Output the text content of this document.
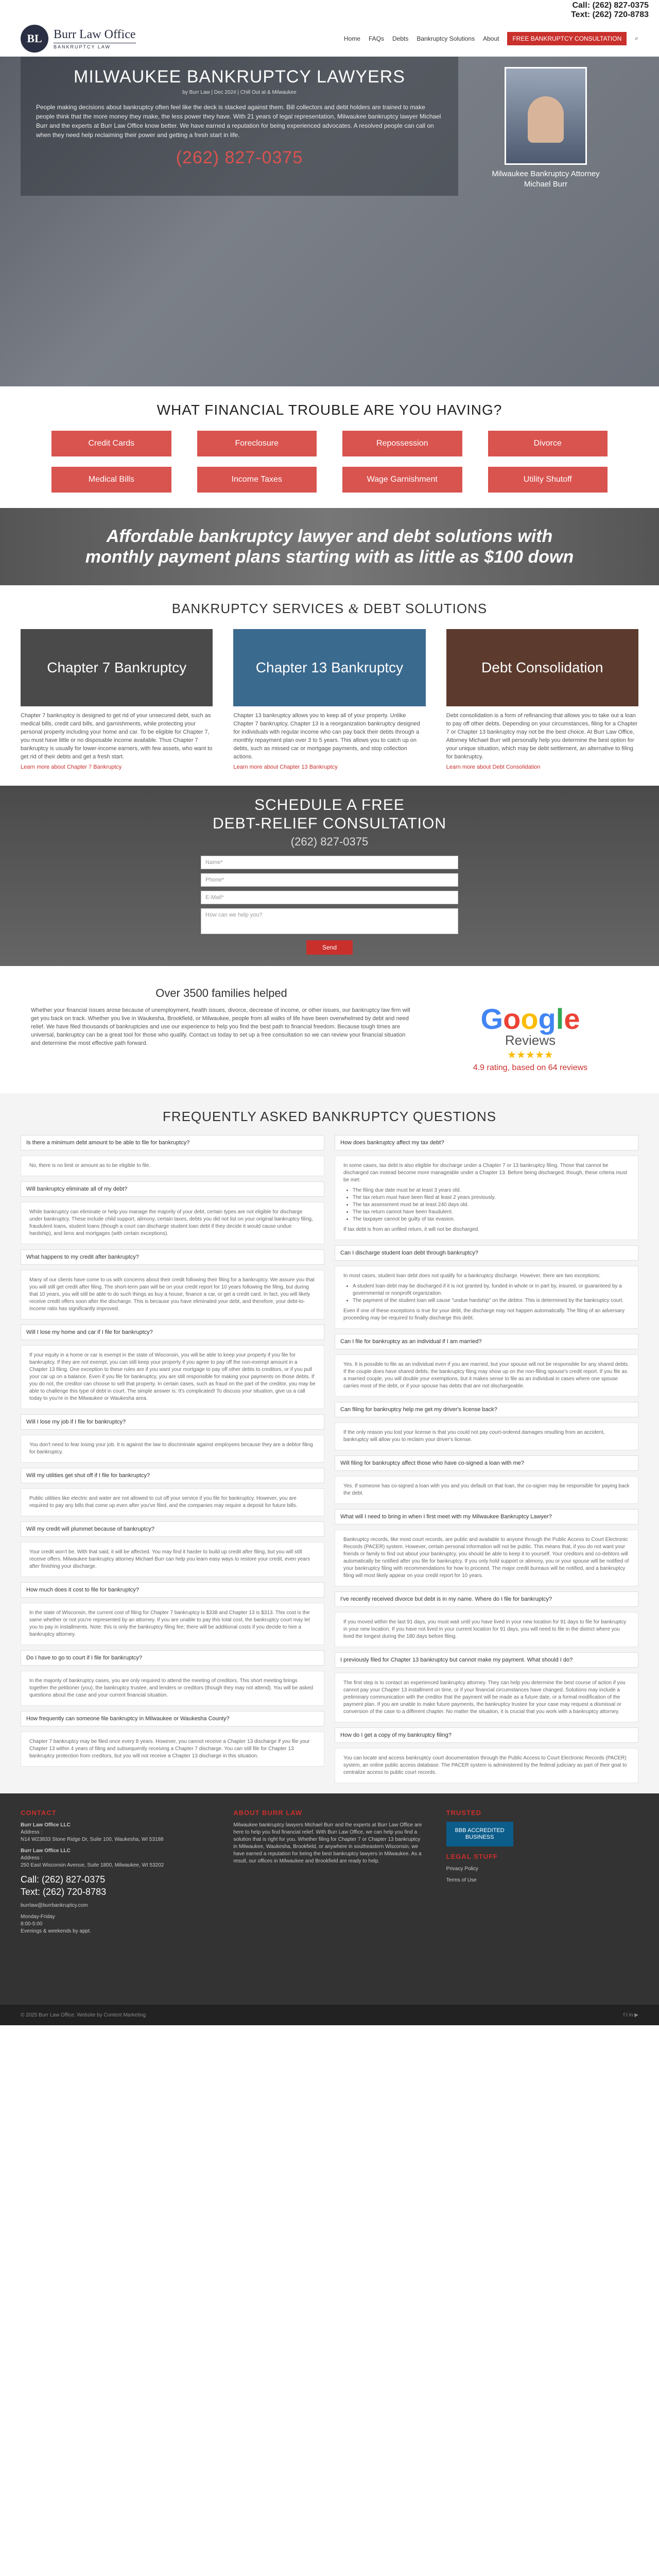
Call: (262) 827-0375
Text: (262) 720-8783
BL Burr Law Office
BANKRUPTCY LAW
Home FAQs Debts Bankruptcy Solutions About	FREE BANKRUPTCY CONSULTATION	⌕
MILWAUKEE BANKRUPTCY LAWYERS
by Burr Law | Dec 2024 | Chill Out at & Milwaukee

People making decisions about bankruptcy often feel like the deck is stacked against them. Bill collectors and debt holders are trained to make people think that the more money they make, the less power they have. With 21 years of legal representation, Milwaukee bankruptcy lawyer Michael Burr and the experts at Burr Law Office know better. We have earned a reputation for being experienced advocates. A resolved people can call on when they need help reclaiming their power and getting a fresh start in life.

(262) 827-0375
Milwaukee Bankruptcy Attorney
Michael Burr
WHAT FINANCIAL TROUBLE ARE YOU HAVING?
Credit Cards	Foreclosure	Repossession	Divorce
Medical Bills	Income Taxes	Wage Garnishment	Utility Shutoff
Affordable bankruptcy lawyer and debt solutions with monthly payment plans starting with as little as $100 down
BANKRUPTCY SERVICES & DEBT SOLUTIONS
Chapter 7 Bankruptcy

Chapter 7 bankruptcy is designed to get rid of your unsecured debt, such as medical bills, credit card bills, and garnishments, while protecting your personal property including your home and car. To be eligible for Chapter 7, you must have little or no disposable income available. Thus Chapter 7 bankruptcy is usually for lower-income earners, with few assets, who want to get rid of their debts and get a fresh start.

Learn more about Chapter 7 Bankruptcy
Chapter 13 Bankruptcy

Chapter 13 bankruptcy allows you to keep all of your property. Unlike Chapter 7 bankruptcy, Chapter 13 is a reorganization bankruptcy designed for individuals with regular income who can pay back their debts through a monthly repayment plan over 3 to 5 years. This allows you to catch up on debts, such as missed car or mortgage payments, and stop collection actions.

Learn more about Chapter 13 Bankruptcy
Debt Consolidation

Debt consolidation is a form of refinancing that allows you to take out a loan to pay off other debts. Depending on your circumstances, filing for a Chapter 7 or Chapter 13 bankruptcy may not be the best choice. At Burr Law Office, Attorney Michael Burr will personally help you determine the best option for your unique situation, which may be debt settlement, an alternative to filing for bankruptcy.

Learn more about Debt Consolidation
SCHEDULE A FREE
DEBT-RELIEF CONSULTATION
(262) 827-0375
Name*
Phone*
E-Mail*
How can we help you?
Send
Over 3500 families helped

Whether your financial issues arose because of unemployment, health issues, divorce, decrease of income, or other issues, our bankruptcy law firm will get you back on track. Whether you live in Waukesha, Brookfield, or Milwaukee, people from all walks of life have been overwhelmed by debt and need relief. We have filed thousands of bankruptcies and use our experience to help you find the best path to financial freedom. Because tough times are universal, bankruptcy can be a great tool for those who qualify. Contact us today to set up a free consultation so we can review your financial situation and determine the most effective path forward.

Google
Reviews
★★★★★
4.9 rating, based on 64 reviews
FREQUENTLY ASKED BANKRUPTCY QUESTIONS
Is there a minimum debt amount to be able to file for bankruptcy?
No, there is no limit or amount as to be eligible to file.
Will bankruptcy eliminate all of my debt?
While bankruptcy can eliminate or help you manage the majority of your debt, certain types are not eligible for discharge under bankruptcy. These include child support, alimony, certain taxes, debts you did not list on your original bankruptcy filing, fraudulent loans, student loans (though a court can discharge student loan debt if they decide it would cause undue hardship), and liens and mortgages (with certain exceptions).
What happens to my credit after bankruptcy?
Many of our clients have come to us with concerns about their credit following their filing for a bankruptcy. We assure you that you will still get credit after filing. The short-term pain will be on your credit report for 10 years following the filing, but during that 10 years, you will still be able to do such things as buy a house, finance a car, or get a credit card. In fact, you will likely receive credit offers soon after the discharge. This is because you have eliminated your debt, and therefore, your debt-to-income ratio has significantly improved.
Will I lose my home and car if I file for bankruptcy?
If your equity in a home or car is exempt in the state of Wisconsin, you will be able to keep your property if you file for bankruptcy. If they are not exempt, you can still keep your property if you agree to pay off the non-exempt amount in a Chapter 13 filing. One exception to these rules are if you want your mortgage to pay off other debts to creditors, or if you pull your car up on a balance. Even if you file for bankruptcy, you are still responsible for making your payments on those debts. If you do not, the creditor can choose to sell that property. In certain cases, such as fraud on the part of the creditor, you may be able to challenge this type of debt in court. The simple answer is: It's complicated! To discuss your situation, give us a call today to you're in the Milwaukee or Waukesha area.
Will I lose my job if I file for bankruptcy?
You don't need to fear losing your job. It is against the law to discriminate against employees because they are a debtor filing for bankruptcy.
Will my utilities get shut off if I file for bankruptcy?
Public utilities like electric and water are not allowed to cut off your service if you file for bankruptcy. However, you are required to pay any bills that come up even after you've filed, and the companies may require a deposit for future bills.
Will my credit will plummet because of bankruptcy?
Your credit won't be. With that said, it will be affected. You may find it harder to build up credit after filing, but you will still receive offers. Milwaukee bankruptcy attorney Michael Burr can help you learn easy ways to restore your credit, even years after finishing your discharge.
How much does it cost to file for bankruptcy?
In the state of Wisconsin, the current cost of filing for Chapter 7 bankruptcy is $338 and Chapter 13 is $313. This cost is the same whether or not you're represented by an attorney. If you are unable to pay this total cost, the bankruptcy court may let you to pay in installments. Note: this is only the bankruptcy filing fee; there will be additional costs if you decide to hire a bankruptcy attorney.
Do I have to go to court if I file for bankruptcy?
In the majority of bankruptcy cases, you are only required to attend the meeting of creditors. This short meeting brings together the petitioner (you), the bankruptcy trustee, and lenders or creditors (though they may not attend). You will be asked questions about the case and your current financial situation.
How frequently can someone file bankruptcy in Milwaukee or Waukesha County?
Chapter 7 bankruptcy may be filed once every 8 years. However, you cannot receive a Chapter 13 discharge if you file your Chapter 13 within 4 years of filing and subsequently receiving a Chapter 7 discharge. You can still file for Chapter 13 bankruptcy protection from creditors, but you will not receive a Chapter 13 discharge in this situation.
How does bankruptcy affect my tax debt?
In some cases, tax debt is also eligible for discharge under a Chapter 7 or 13 bankruptcy filing. Those that cannot be discharged can instead become more manageable under a Chapter 13. Before being discharged, though, these criteria must be met:
• The filing due date must be at least 3 years old.
• The tax return must have been filed at least 2 years previously.
• The tax assessment must be at least 240 days old.
• The tax return cannot have been fraudulent.
• The taxpayer cannot be guilty of tax evasion.
If tax debt is from an unfiled return, it will not be discharged.
Can I discharge student loan debt through bankruptcy?
In most cases, student loan debt does not qualify for a bankruptcy discharge. However, there are two exceptions:
• A student loan debt may be discharged if it is not granted by, funded in whole or in part by, insured, or guaranteed by a governmental or nonprofit organization.
• The payment of the student loan will cause "undue hardship" on the debtor. This is determined by the bankruptcy court.
Even if one of these exceptions is true for your debt, the discharge may not happen automatically. The filing of an adversary proceeding may be required to finally discharge this debt.
Can I file for bankruptcy as an individual if I am married?
Yes. It is possible to file as an individual even if you are married, but your spouse will not be responsible for any shared debts. If the couple does have shared debts, the bankruptcy filing may show up on the non-filing spouse's credit report. If you file as a married couple, you will double your exemptions, but it makes sense to file as an individual in cases where one spouse carries most of the debt, or if your spouse has debts that are not dischargeable.
Can filing for bankruptcy help me get my driver's license back?
If the only reason you lost your license is that you could not pay court-ordered damages resulting from an accident, bankruptcy will allow you to reclaim your driver's license.
Will filing for bankruptcy affect those who have co-signed a loan with me?
Yes. If someone has co-signed a loan with you and you default on that loan, the co-signer may be responsible for paying back the debt.
What will I need to bring in when I first meet with my Milwaukee Bankruptcy Lawyer?
Bankruptcy records, like most court records, are public and available to anyone through the Public Access to Court Electronic Records (PACER) system. However, certain personal information will not be public. This means that, if you do not want your friends or family to find out about your bankruptcy, you should be able to keep it to yourself. Your creditors and co-debtors will automatically be notified after you file for bankruptcy. If you only hold support or alimony, you or your spouse will be notified of your bankruptcy filing with recommendations for how to proceed. The major credit bureaus will be notified, and a bankruptcy filing will most likely appear on your credit report for 10 years.
I've recently received divorce but debt is in my name. Where do I file for bankruptcy?
If you moved within the last 91 days, you must wait until you have lived in your new location for 91 days to file for bankruptcy in your new location. If you have not lived in your current location for 91 days, you will need to file in the district where you lived the longest during the 180 days before filing.
I previously filed for Chapter 13 bankruptcy but cannot make my payment. What should I do?
The first step is to contact an experienced bankruptcy attorney. They can help you determine the best course of action if you cannot pay your Chapter 13 installment on time, or if your financial circumstances have changed. Solutions may include a preliminary communication with the creditor that the payment will be made as a future date, or a formal modification of the payment plan. If you are unable to make future payments, the bankruptcy trustee for your case may request a dismissal or conversion of the case to a different chapter. No matter the situation, it is crucial that you work with a bankruptcy attorney.
How do I get a copy of my bankruptcy filing?
You can locate and access bankruptcy court documentation through the Public Access to Court Electronic Records (PACER) system, an online public access database. The PACER system is administered by the federal judiciary as part of their goal to centralize access to public court records.
CONTACT

Burr Law Office LLC
Address :
N14 W23833 Stone Ridge Dr, Suite 100, Waukesha, WI 53188

Burr Law Office LLC
Address :
250 East Wisconsin Avenue, Suite 1800, Milwaukee, WI 53202

Call: (262) 827-0375
Text: (262) 720-8783

burrlaw@burrbankruptcy.com

Monday-Friday
8:00-5:00
Evenings & weekends by appt.

ABOUT BURR LAW

Milwaukee bankruptcy lawyers Michael Burr and the experts at Burr Law Office are here to help you find financial relief. With Burr Law Office, we can help you find a solution that is right for you. Whether filing for Chapter 7 or Chapter 13 bankruptcy in Milwaukee, Waukesha, Brookfield, or anywhere in southeastern Wisconsin, we have earned a reputation for being the best bankruptcy lawyers in Milwaukee. As a result, our offices in Milwaukee and Brookfield are ready to help.

TRUSTED
BBB ACCREDITED BUSINESS
LEGAL STUFF

Privacy Policy

Terms of Use

© 2025 Burr Law Office. Website by Content Marketing	f t in ▶
